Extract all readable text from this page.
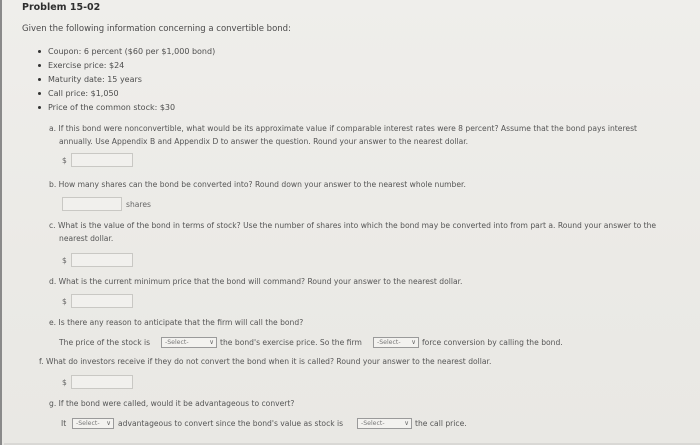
Problem 15-02
Given the following information concerning a convertible bond:
Coupon: 6 percent ($60 per $1,000 bond)
Exercise price: $24
Maturity date: 15 years
Call price: $1,050
Price of the common stock: $30
a. If this bond were nonconvertible, what would be its approximate value if comparable interest rates were 8 percent? Assume that the bond pays interest
annually. Use Appendix B and Appendix D to answer the question. Round your answer to the nearest dollar.
$
b. How many shares can the bond be converted into? Round down your answer to the nearest whole number.
shares
c. What is the value of the bond in terms of stock? Use the number of shares into which the bond may be converted into from part a. Round your answer to the
nearest dollar.
$
d. What is the current minimum price that the bond will command? Round your answer to the nearest dollar.
$
e. Is there any reason to anticipate that the firm will call the bond?
The price of the stock is	-Select-	∨ the bond's exercise price. So the firm	-Select- ∨ force conversion by calling the bond.
f. What do investors receive if they do not convert the bond when it is called? Round your answer to the nearest dollar.
$
g. If the bond were called, would it be advantageous to convert?
It	-Select- ∨ advantageous to convert since the bond's value as stock is	-Select-	∨ the call price.
